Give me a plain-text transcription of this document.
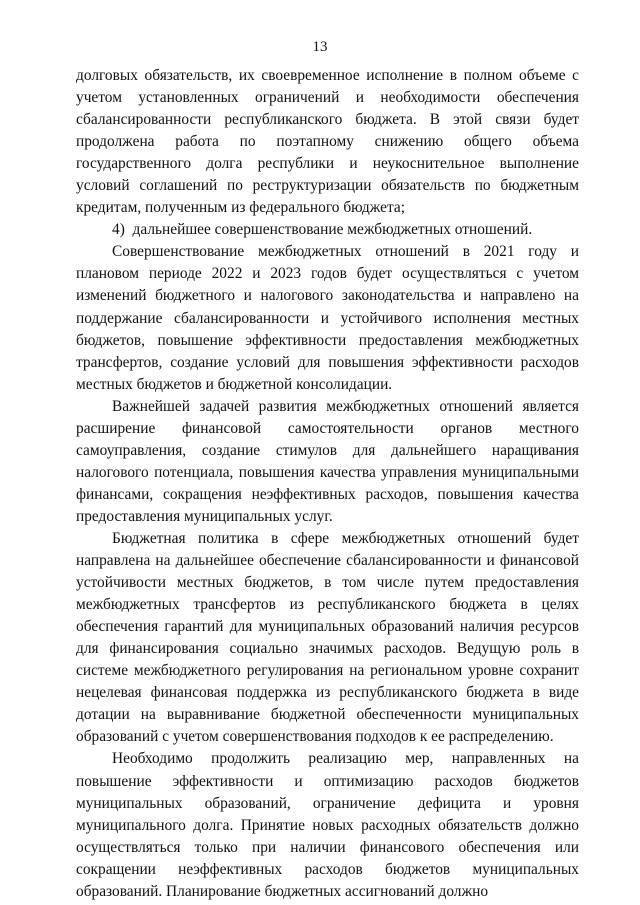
13

долговых обязательств, их своевременное исполнение в полном объеме с учетом установленных ограничений и необходимости обеспечения сбалансированности республиканского бюджета. В этой связи будет продолжена работа по поэтапному снижению общего объема государственного долга республики и неукоснительное выполнение условий соглашений по реструктуризации обязательств по бюджетным кредитам, полученным из федерального бюджета;

4)  дальнейшее совершенствование межбюджетных отношений.

Совершенствование межбюджетных отношений в 2021 году и плановом периоде 2022 и 2023 годов будет осуществляться с учетом изменений бюджетного и налогового законодательства и направлено на поддержание сбалансированности и устойчивого исполнения местных бюджетов, повышение эффективности предоставления межбюджетных трансфертов, создание условий для повышения эффективности расходов местных бюджетов и бюджетной консолидации.

Важнейшей задачей развития межбюджетных отношений является расширение финансовой самостоятельности органов местного самоуправления, создание стимулов для дальнейшего наращивания налогового потенциала, повышения качества управления муниципальными финансами, сокращения неэффективных расходов, повышения качества предоставления муниципальных услуг.

Бюджетная политика в сфере межбюджетных отношений будет направлена на дальнейшее обеспечение сбалансированности и финансовой устойчивости местных бюджетов, в том числе путем предоставления межбюджетных трансфертов из республиканского бюджета в целях обеспечения гарантий для муниципальных образований наличия ресурсов для финансирования социально значимых расходов. Ведущую роль в системе межбюджетного регулирования на региональном уровне сохранит нецелевая финансовая поддержка из республиканского бюджета в виде дотации на выравнивание бюджетной обеспеченности муниципальных образований с учетом совершенствования подходов к ее распределению.

Необходимо продолжить реализацию мер, направленных на повышение эффективности и оптимизацию расходов бюджетов муниципальных образований, ограничение дефицита и уровня муниципального долга. Принятие новых расходных обязательств должно осуществляться только при наличии финансового обеспечения или сокращении неэффективных расходов бюджетов муниципальных образований. Планирование бюджетных ассигнований должно
